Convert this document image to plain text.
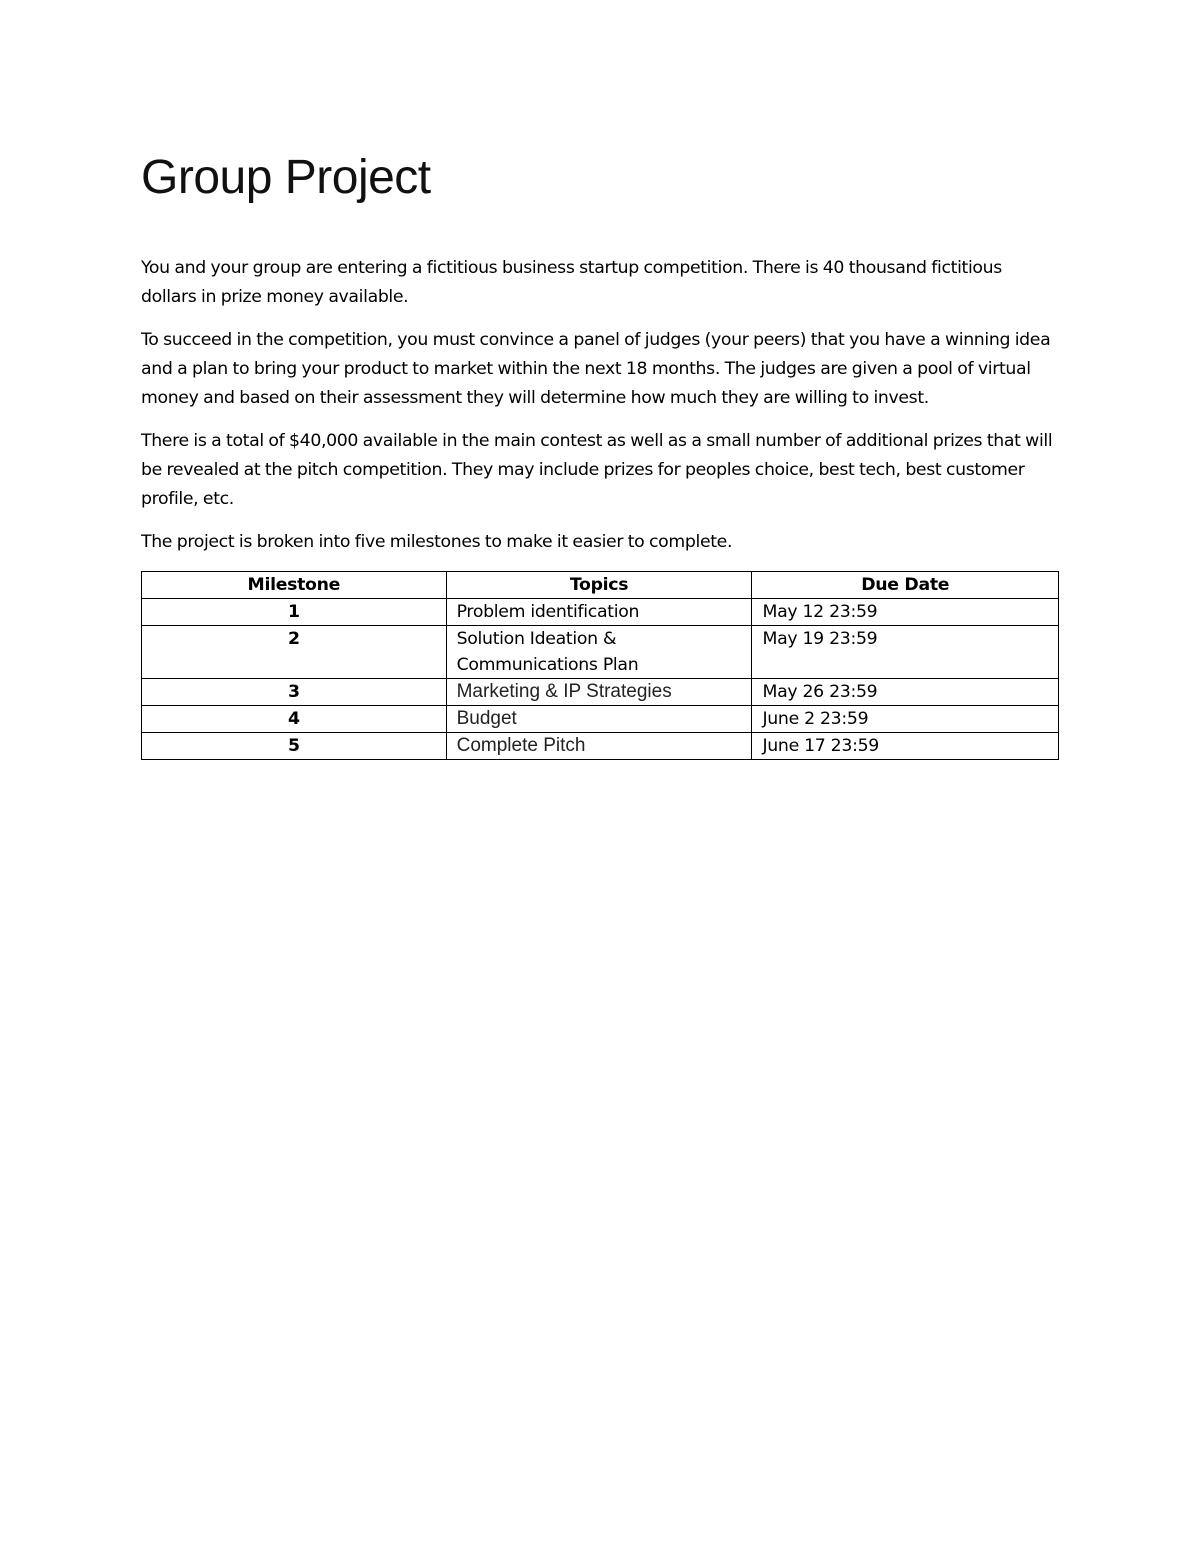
Group Project

You and your group are entering a fictitious business startup competition. There is 40 thousand fictitious dollars in prize money available.

To succeed in the competition, you must convince a panel of judges (your peers) that you have a winning idea and a plan to bring your product to market within the next 18 months. The judges are given a pool of virtual money and based on their assessment they will determine how much they are willing to invest.

There is a total of $40,000 available in the main contest as well as a small number of additional prizes that will be revealed at the pitch competition. They may include prizes for peoples choice, best tech, best customer profile, etc.

The project is broken into five milestones to make it easier to complete.

Milestone	Topics	Due Date
1	Problem identification	May 12 23:59
2	Solution Ideation & Communications Plan	May 19 23:59
3	Marketing & IP Strategies	May 26 23:59
4	Budget	June 2 23:59
5	Complete Pitch	June 17 23:59
